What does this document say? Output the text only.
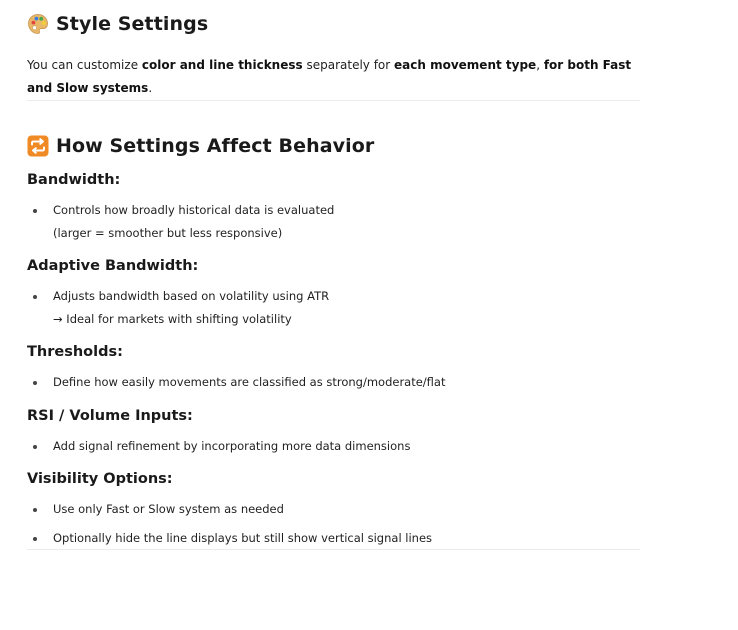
Style Settings

You can customize color and line thickness separately for each movement type, for both Fast and Slow systems.

How Settings Affect Behavior
Bandwidth:
Controls how broadly historical data is evaluated
(larger = smoother but less responsive)
Adaptive Bandwidth:
Adjusts bandwidth based on volatility using ATR
→ Ideal for markets with shifting volatility
Thresholds:
Define how easily movements are classified as strong/moderate/flat
RSI / Volume Inputs:
Add signal refinement by incorporating more data dimensions
Visibility Options:
Use only Fast or Slow system as needed
Optionally hide the line displays but still show vertical signal lines
